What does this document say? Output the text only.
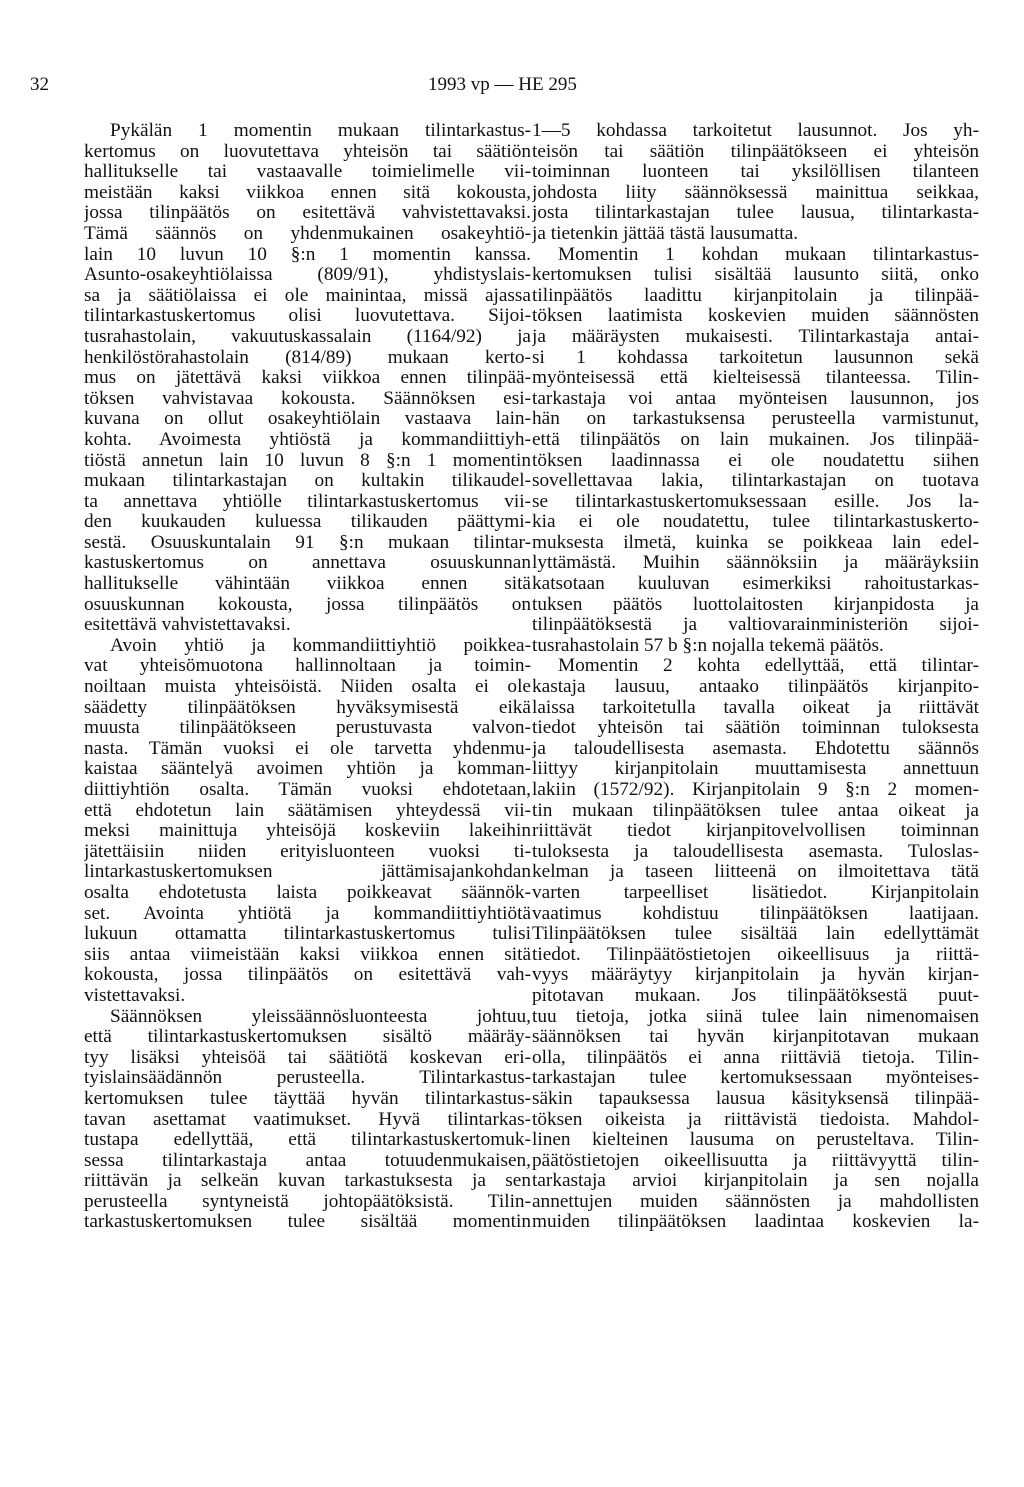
32	1993 vp — HE 295
Pykälän 1 momentin mukaan tilintarkastus-
kertomus on luovutettava yhteisön tai säätiön
hallitukselle tai vastaavalle toimielimelle vii-
meistään kaksi viikkoa ennen sitä kokousta,
jossa tilinpäätös on esitettävä vahvistettavaksi.
Tämä säännös on yhdenmukainen osakeyhtiö-
lain 10 luvun 10 §:n 1 momentin kanssa.
Asunto-osakeyhtiölaissa (809/91), yhdistyslais-
sa ja säätiölaissa ei ole mainintaa, missä ajassa
tilintarkastuskertomus olisi luovutettava. Sijoi-
tusrahastolain, vakuutuskassalain (1164/92) ja
henkilöstörahastolain (814/89) mukaan kerto-
mus on jätettävä kaksi viikkoa ennen tilinpää-
töksen vahvistavaa kokousta. Säännöksen esi-
kuvana on ollut osakeyhtiölain vastaava lain-
kohta. Avoimesta yhtiöstä ja kommandiittiyh-
tiöstä annetun lain 10 luvun 8 §:n 1 momentin
mukaan tilintarkastajan on kultakin tilikaudel-
ta annettava yhtiölle tilintarkastuskertomus vii-
den kuukauden kuluessa tilikauden päättymi-
sestä. Osuuskuntalain 91 §:n mukaan tilintar-
kastuskertomus on annettava osuuskunnan
hallitukselle vähintään viikkoa ennen sitä
osuuskunnan kokousta, jossa tilinpäätös on
esitettävä vahvistettavaksi.
Avoin yhtiö ja kommandiittiyhtiö poikkea-
vat yhteisömuotona hallinnoltaan ja toimin-
noiltaan muista yhteisöistä. Niiden osalta ei ole
säädetty tilinpäätöksen hyväksymisestä eikä
muusta tilinpäätökseen perustuvasta valvon-
nasta. Tämän vuoksi ei ole tarvetta yhdenmu-
kaistaa sääntelyä avoimen yhtiön ja komman-
diittiyhtiön osalta. Tämän vuoksi ehdotetaan,
että ehdotetun lain säätämisen yhteydessä vii-
meksi mainittuja yhteisöjä koskeviin lakeihin
jätettäisiin niiden erityisluonteen vuoksi ti-
lintarkastuskertomuksen jättämisajankohdan
osalta ehdotetusta laista poikkeavat säännök-
set. Avointa yhtiötä ja kommandiittiyhtiötä
lukuun ottamatta tilintarkastuskertomus tulisi
siis antaa viimeistään kaksi viikkoa ennen sitä
kokousta, jossa tilinpäätös on esitettävä vah-
vistettavaksi.
Säännöksen yleissäännösluonteesta johtuu,
että tilintarkastuskertomuksen sisältö määräy-
tyy lisäksi yhteisöä tai säätiötä koskevan eri-
tyislainsäädännön perusteella. Tilintarkastus-
kertomuksen tulee täyttää hyvän tilintarkastus-
tavan asettamat vaatimukset. Hyvä tilintarkas-
tustapa edellyttää, että tilintarkastuskertomuk-
sessa tilintarkastaja antaa totuudenmukaisen,
riittävän ja selkeän kuvan tarkastuksesta ja sen
perusteella syntyneistä johtopäätöksistä. Tilin-
tarkastuskertomuksen tulee sisältää momentin
1—5 kohdassa tarkoitetut lausunnot. Jos yh-
teisön tai säätiön tilinpäätökseen ei yhteisön
toiminnan luonteen tai yksilöllisen tilanteen
johdosta liity säännöksessä mainittua seikkaa,
josta tilintarkastajan tulee lausua, tilintarkasta-
ja tietenkin jättää tästä lausumatta.
Momentin 1 kohdan mukaan tilintarkastus-
kertomuksen tulisi sisältää lausunto siitä, onko
tilinpäätös laadittu kirjanpitolain ja tilinpää-
töksen laatimista koskevien muiden säännösten
ja määräysten mukaisesti. Tilintarkastaja antai-
si 1 kohdassa tarkoitetun lausunnon sekä
myönteisessä että kielteisessä tilanteessa. Tilin-
tarkastaja voi antaa myönteisen lausunnon, jos
hän on tarkastuksensa perusteella varmistunut,
että tilinpäätös on lain mukainen. Jos tilinpää-
töksen laadinnassa ei ole noudatettu siihen
sovellettavaa lakia, tilintarkastajan on tuotava
se tilintarkastuskertomuksessaan esille. Jos la-
kia ei ole noudatettu, tulee tilintarkastuskerto-
muksesta ilmetä, kuinka se poikkeaa lain edel-
lyttämästä. Muihin säännöksiin ja määräyksiin
katsotaan kuuluvan esimerkiksi rahoitustarkas-
tuksen päätös luottolaitosten kirjanpidosta ja
tilinpäätöksestä ja valtiovarainministeriön sijoi-
tusrahastolain 57 b §:n nojalla tekemä päätös.
Momentin 2 kohta edellyttää, että tilintar-
kastaja lausuu, antaako tilinpäätös kirjanpito-
laissa tarkoitetulla tavalla oikeat ja riittävät
tiedot yhteisön tai säätiön toiminnan tuloksesta
ja taloudellisesta asemasta. Ehdotettu säännös
liittyy kirjanpitolain muuttamisesta annettuun
lakiin (1572/92). Kirjanpitolain 9 §:n 2 momen-
tin mukaan tilinpäätöksen tulee antaa oikeat ja
riittävät tiedot kirjanpitovelvollisen toiminnan
tuloksesta ja taloudellisesta asemasta. Tuloslas-
kelman ja taseen liitteenä on ilmoitettava tätä
varten tarpeelliset lisätiedot. Kirjanpitolain
vaatimus kohdistuu tilinpäätöksen laatijaan.
Tilinpäätöksen tulee sisältää lain edellyttämät
tiedot. Tilinpäätöstietojen oikeellisuus ja riittä-
vyys määräytyy kirjanpitolain ja hyvän kirjan-
pitotavan mukaan. Jos tilinpäätöksestä puut-
tuu tietoja, jotka siinä tulee lain nimenomaisen
säännöksen tai hyvän kirjanpitotavan mukaan
olla, tilinpäätös ei anna riittäviä tietoja. Tilin-
tarkastajan tulee kertomuksessaan myönteises-
säkin tapauksessa lausua käsityksensä tilinpää-
töksen oikeista ja riittävistä tiedoista. Mahdol-
linen kielteinen lausuma on perusteltava. Tilin-
päätöstietojen oikeellisuutta ja riittävyyttä tilin-
tarkastaja arvioi kirjanpitolain ja sen nojalla
annettujen muiden säännösten ja mahdollisten
muiden tilinpäätöksen laadintaa koskevien la-
